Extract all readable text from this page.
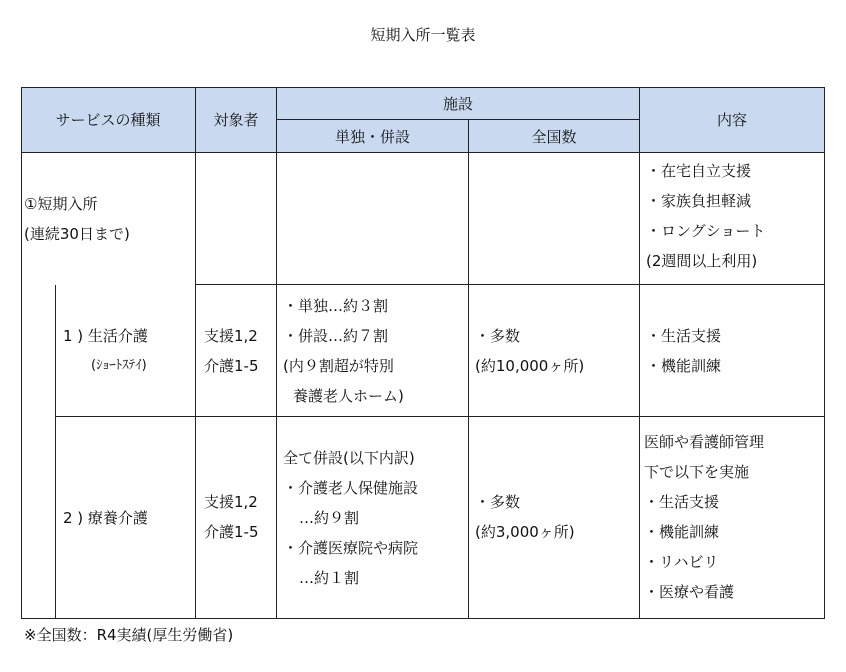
短期入所一覧表
サービスの種類	対象者
施設
単独・併設	全国数
内容
①短期入所
(連続30日まで)
・在宅自立支援
・家族負担軽減
・ロングショート
(2週間以上利用)
1 ) 生活介護
(ｼｮｰﾄｽﾃｲ)
支援1,2
介護1-5
・単独…約３割
・併設…約７割
(内９割超が特別
養護老人ホーム)
・多数
(約10,000ヶ所)
・生活支援
・機能訓練
2 ) 療養介護
支援1,2
介護1-5
全て併設(以下内訳)
・介護老人保健施設
…約９割
・介護医療院や病院
…約１割
・多数
(約3,000ヶ所)
医師や看護師管理
下で以下を実施
・生活支援
・機能訓練
・リハビリ
・医療や看護
※全国数：R4実績(厚生労働省)
